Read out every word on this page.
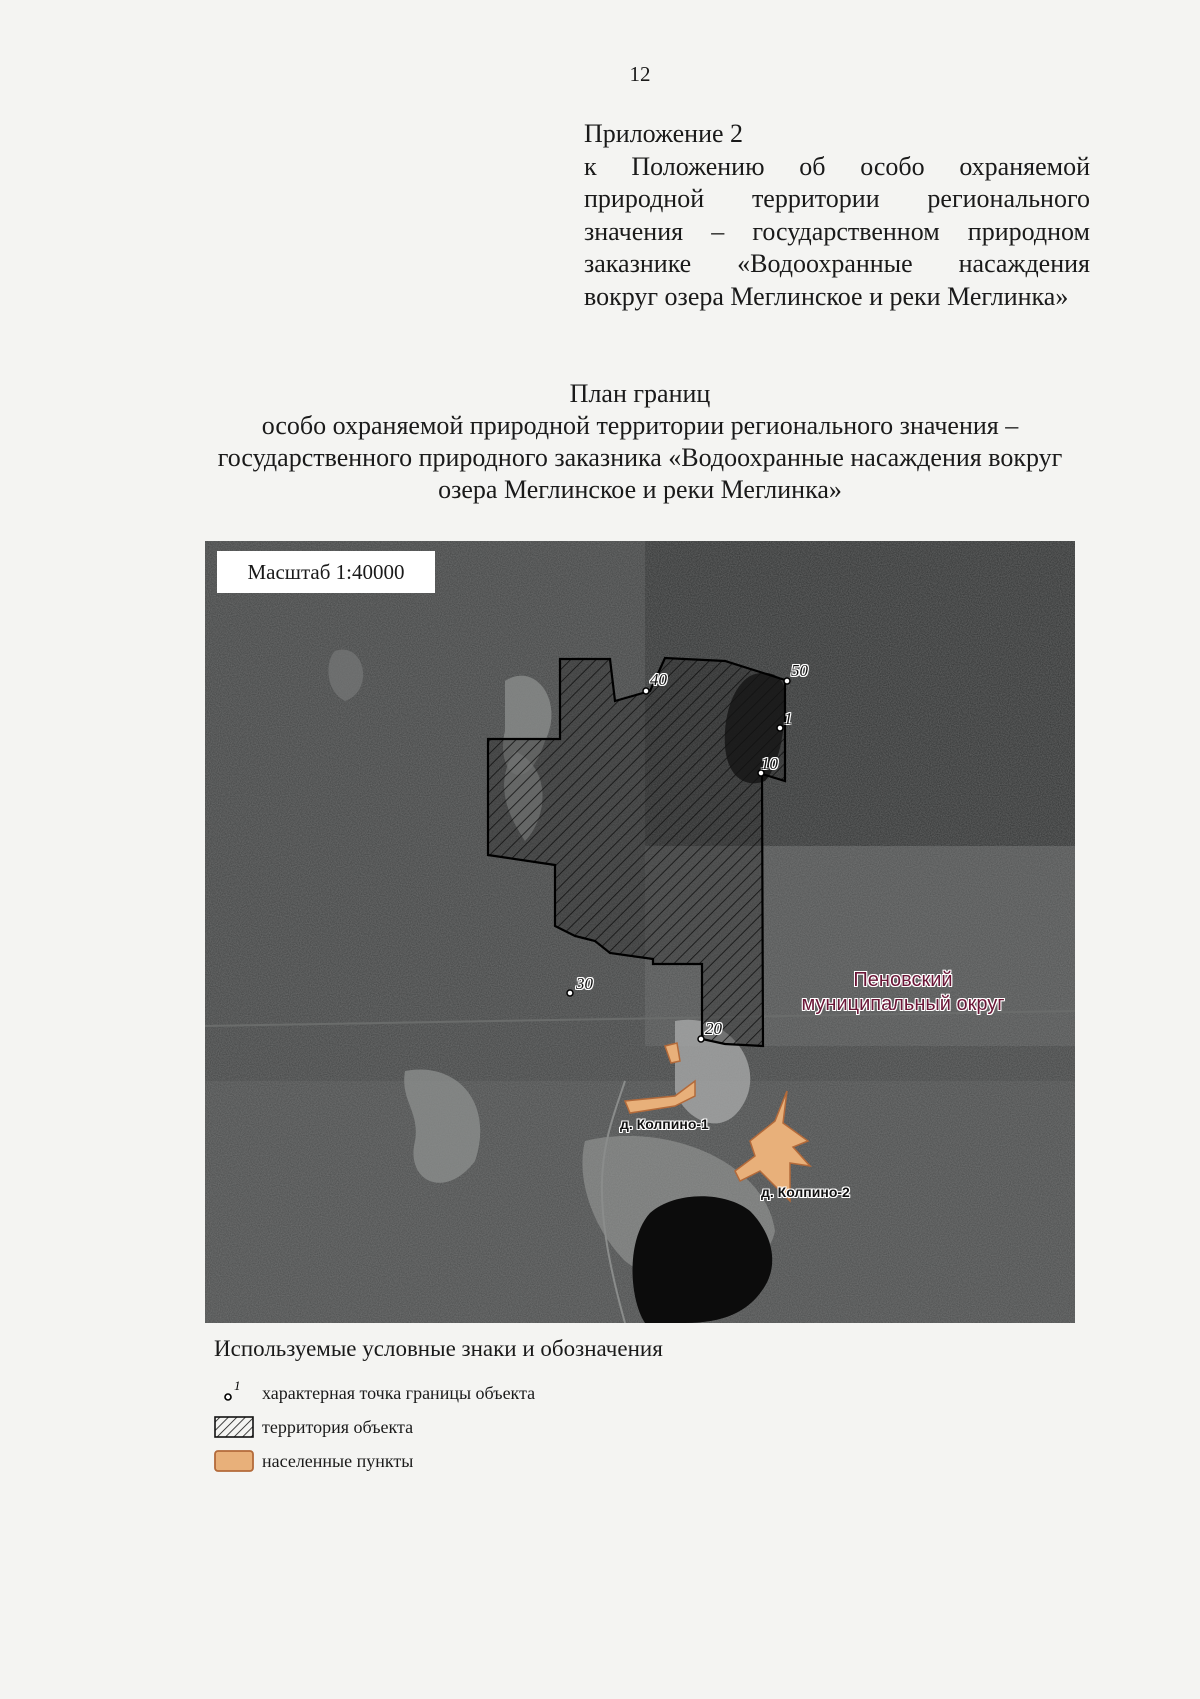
12
Приложение 2
к Положению об особо охраняемой природной территории регионального значения – государственном природном заказнике «Водоохранные насаждения вокруг озера Меглинское и реки Меглинка»
План границ
особо охраняемой природной территории регионального значения –
государственного природного заказника «Водоохранные насаждения вокруг
озера Меглинское и реки Меглинка»
Масштаб 1:40000
50
1
10
40
30
20
Пеновский
муниципальный округ
д. Колпино-1
д. Колпино-2
Используемые условные знаки и обозначения
1 характерная точка границы объекта
территория объекта
населенные пункты
